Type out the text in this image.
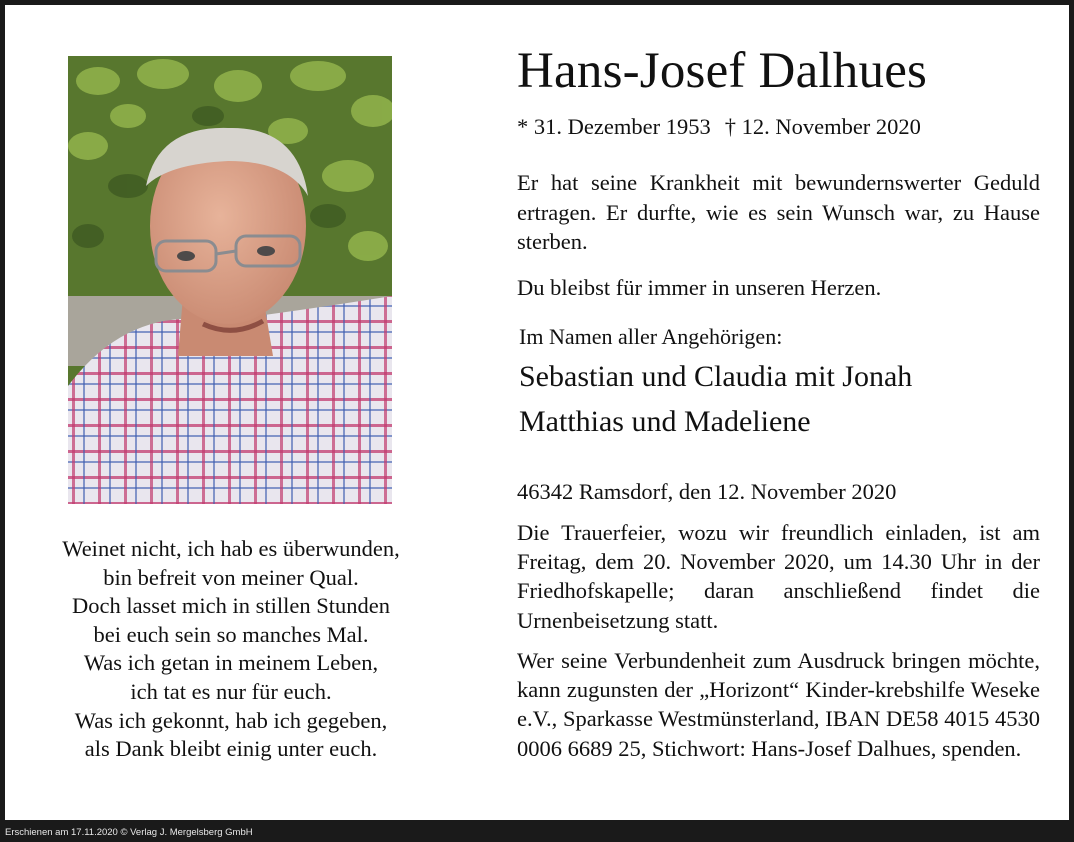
Weinet nicht, ich hab es überwunden,
bin befreit von meiner Qual.
Doch lasset mich in stillen Stunden
bei euch sein so manches Mal.
Was ich getan in meinem Leben,
ich tat es nur für euch.
Was ich gekonnt, hab ich gegeben,
als Dank bleibt einig unter euch.
Hans-Josef Dalhues
* 31. Dezember 1953 † 12. November 2020
Er hat seine Krankheit mit bewundernswerter Geduld ertragen. Er durfte, wie es sein Wunsch war, zu Hause sterben.
Du bleibst für immer in unseren Herzen.
Im Namen aller Angehörigen:
Sebastian und Claudia mit Jonah
Matthias und Madeliene
46342 Ramsdorf, den 12. November 2020
Die Trauerfeier, wozu wir freundlich einladen, ist am Freitag, dem 20. November 2020, um 14.30 Uhr in der Friedhofskapelle; daran anschließend findet die Urnenbeisetzung statt.
Wer seine Verbundenheit zum Ausdruck bringen möchte, kann zugunsten der „Horizont“ Kinder-krebshilfe Weseke e.V., Sparkasse Westmünsterland, IBAN DE58 4015 4530 0006 6689 25, Stichwort: Hans-Josef Dalhues, spenden.
Erschienen am 17.11.2020 © Verlag J. Mergelsberg GmbH
